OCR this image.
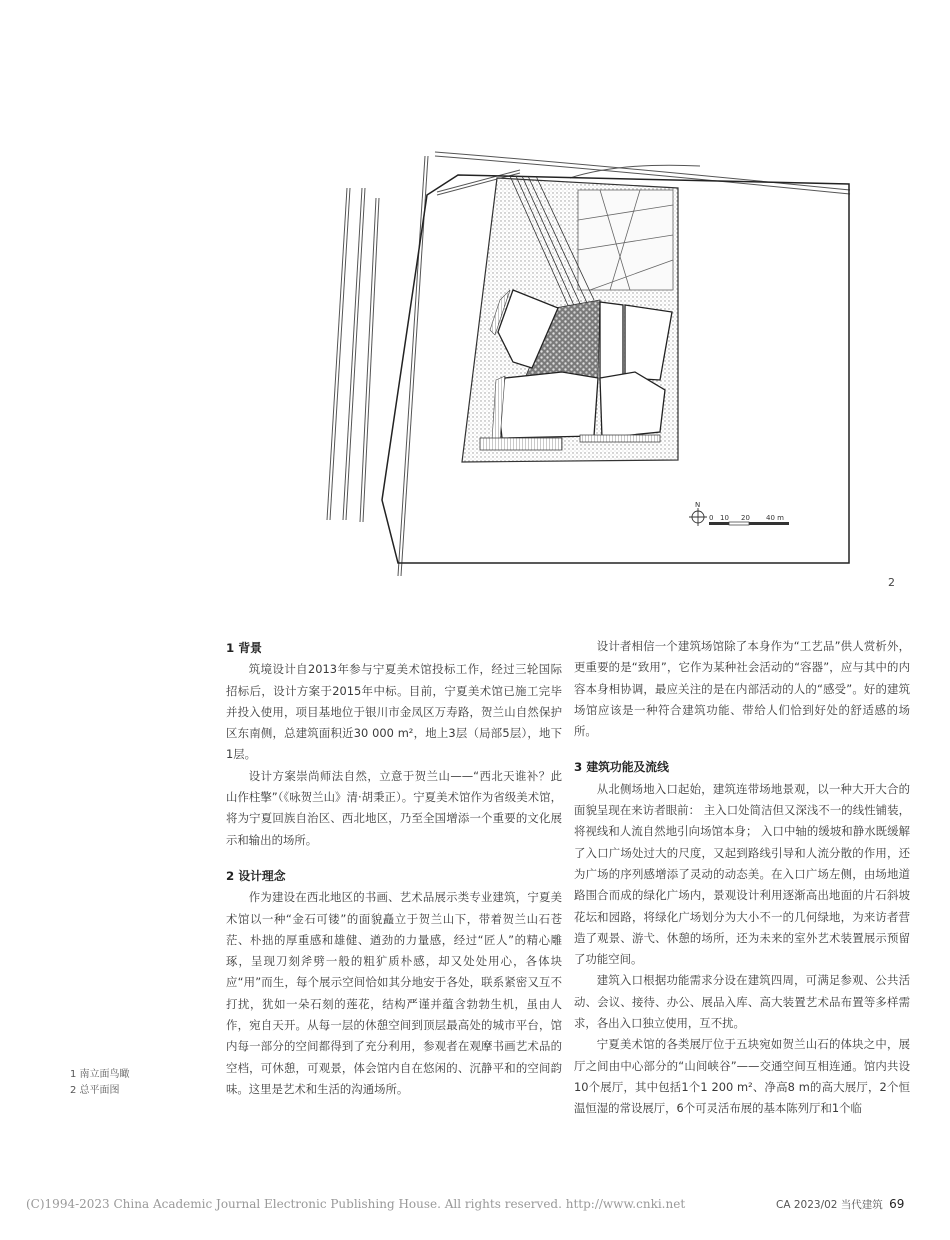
N
0 10 20 40 m
2
1 背景

筑境设计自2013年参与宁夏美术馆投标工作，经过三轮国际招标后，设计方案于2015年中标。目前，宁夏美术馆已施工完毕并投入使用，项目基地位于银川市金凤区万寿路，贺兰山自然保护区东南侧，总建筑面积近30 000 m²，地上3层（局部5层），地下1层。

设计方案崇尚师法自然，立意于贺兰山——“西北天谁补？此山作柱擎”（《咏贺兰山》清·胡秉正）。宁夏美术馆作为省级美术馆，将为宁夏回族自治区、西北地区，乃至全国增添一个重要的文化展示和输出的场所。

2 设计理念

作为建设在西北地区的书画、艺术品展示类专业建筑，宁夏美术馆以一种“金石可镂”的面貌矗立于贺兰山下，带着贺兰山石苍茫、朴拙的厚重感和雄健、遒劲的力量感，经过“匠人”的精心雕琢，呈现刀刻斧劈一般的粗犷质朴感，却又处处用心，各体块应“用”而生，每个展示空间恰如其分地安于各处，联系紧密又互不打扰，犹如一朵石刻的莲花，结构严谨并蕴含勃勃生机，虽由人作，宛自天开。从每一层的休憩空间到顶层最高处的城市平台，馆内每一部分的空间都得到了充分利用，参观者在观摩书画艺术品的空档，可休憩，可观景，体会馆内自在悠闲的、沉静平和的空间韵味。这里是艺术和生活的沟通场所。

设计者相信一个建筑场馆除了本身作为“工艺品”供人赏析外，更重要的是“致用”，它作为某种社会活动的“容器”，应与其中的内容本身相协调，最应关注的是在内部活动的人的“感受”。好的建筑场馆应该是一种符合建筑功能、带给人们恰到好处的舒适感的场所。

3 建筑功能及流线

从北侧场地入口起始，建筑连带场地景观，以一种大开大合的面貌呈现在来访者眼前： 主入口处简洁但又深浅不一的线性铺装，将视线和人流自然地引向场馆本身； 入口中轴的缓坡和静水既缓解了入口广场处过大的尺度，又起到路线引导和人流分散的作用，还为广场的序列感增添了灵动的动态美。在入口广场左侧，由场地道路围合而成的绿化广场内，景观设计利用逐渐高出地面的片石斜坡花坛和园路，将绿化广场划分为大小不一的几何绿地，为来访者营造了观景、游弋、休憩的场所，还为未来的室外艺术装置展示预留了功能空间。

建筑入口根据功能需求分设在建筑四周，可满足参观、公共活动、会议、接待、办公、展品入库、高大装置艺术品布置等多样需求，各出入口独立使用，互不扰。

宁夏美术馆的各类展厅位于五块宛如贺兰山石的体块之中，展厅之间由中心部分的“山间峡谷”——交通空间互相连通。馆内共设10个展厅，其中包括1个1 200 m²、净高8 m的高大展厅，2个恒温恒湿的常设展厅，6个可灵活布展的基本陈列厅和1个临

1 南立面鸟瞰
2 总平面图
(C)1994-2023 China Academic Journal Electronic Publishing House. All rights reserved. http://www.cnki.net	CA 2023/02 当代建筑 69
